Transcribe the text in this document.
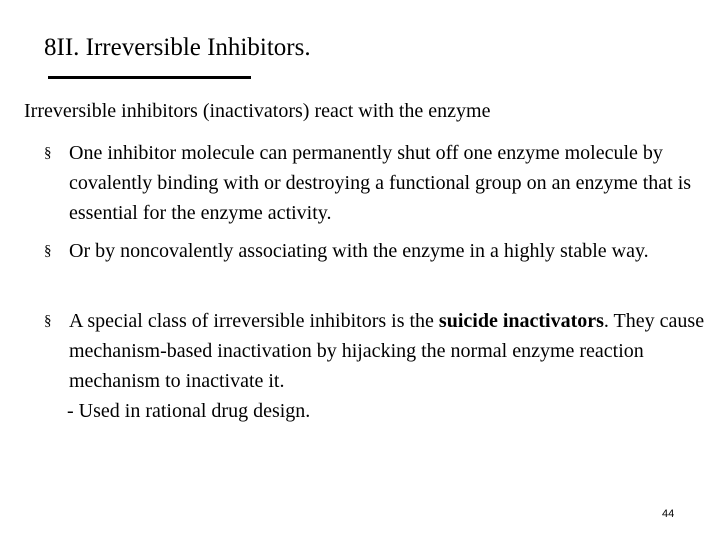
8II. Irreversible Inhibitors.
Irreversible inhibitors (inactivators) react with the enzyme
§ One inhibitor molecule can permanently shut off one enzyme molecule by covalently binding with or destroying a functional group on an enzyme that is essential for the enzyme activity.
§ Or by noncovalently associating with the enzyme in a highly stable way.
§ A special class of irreversible inhibitors is the suicide inactivators. They cause mechanism-based inactivation by hijacking the normal enzyme reaction mechanism to inactivate it.
- Used in rational drug design.
44
